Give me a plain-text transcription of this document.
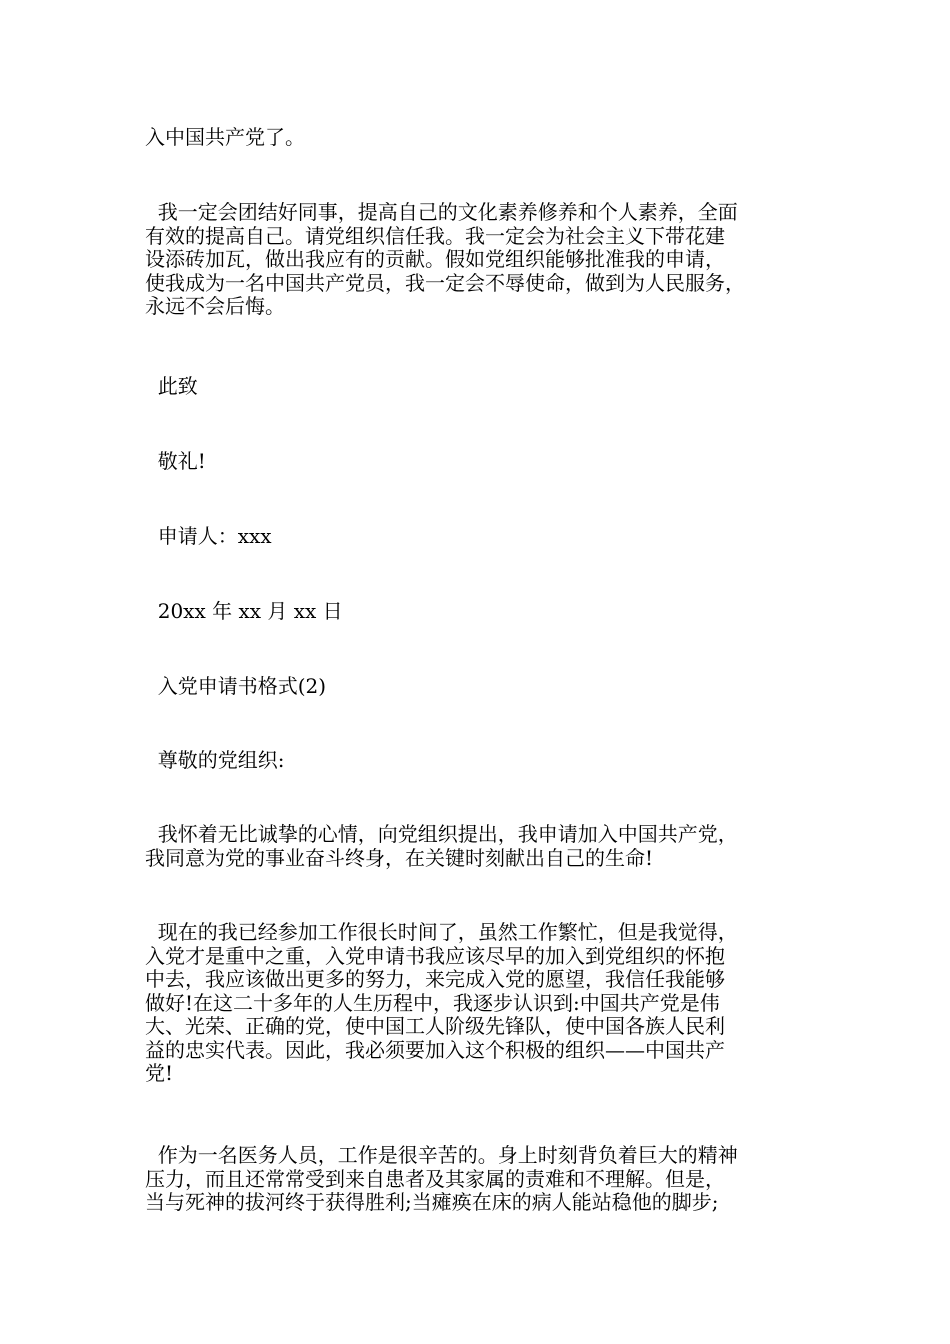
入中国共产党了。

我一定会团结好同事，提高自己的文化素养修养和个人素养，全面
有效的提高自己。请党组织信任我。我一定会为社会主义下带花建
设添砖加瓦，做出我应有的贡献。假如党组织能够批准我的申请，
使我成为一名中国共产党员，我一定会不辱使命，做到为人民服务，
永远不会后悔。

此致

敬礼!

申请人：xxx

20xx 年 xx 月 xx 日

入党申请书格式(2)

尊敬的党组织:

我怀着无比诚挚的心情，向党组织提出，我申请加入中国共产党，
我同意为党的事业奋斗终身，在关键时刻献出自己的生命!

现在的我已经参加工作很长时间了，虽然工作繁忙，但是我觉得，
入党才是重中之重，入党申请书我应该尽早的加入到党组织的怀抱
中去，我应该做出更多的努力，来完成入党的愿望，我信任我能够
做好!在这二十多年的人生历程中，我逐步认识到:中国共产党是伟
大、光荣、正确的党，使中国工人阶级先锋队，使中国各族人民利
益的忠实代表。因此，我必须要加入这个积极的组织——中国共产
党!

作为一名医务人员，工作是很辛苦的。身上时刻背负着巨大的精神
压力，而且还常常受到来自患者及其家属的责难和不理解。但是，
当与死神的拔河终于获得胜利;当瘫痪在床的病人能站稳他的脚步;
